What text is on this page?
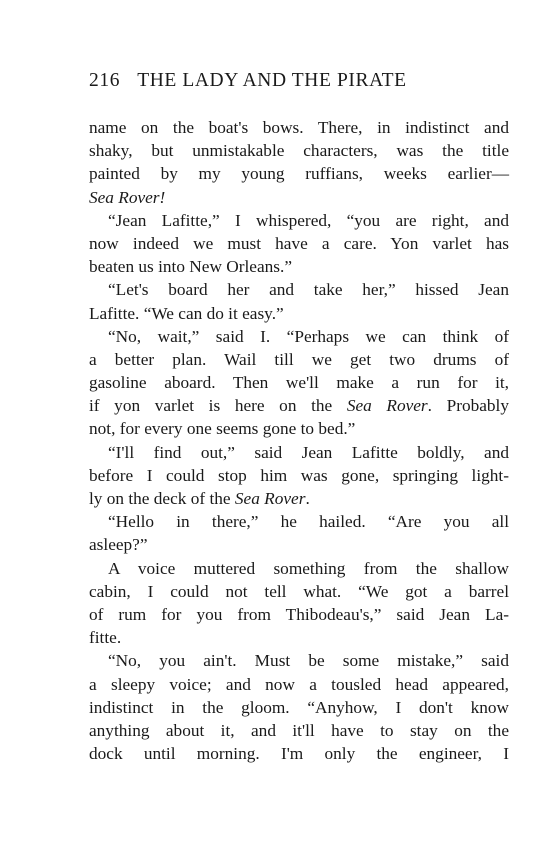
216 THE LADY AND THE PIRATE
name on the boat's bows. There, in indistinct and
shaky, but unmistakable characters, was the title
painted by my young ruffians, weeks earlier—
Sea Rover!
“Jean Lafitte,” I whispered, “you are right, and
now indeed we must have a care. Yon varlet has
beaten us into New Orleans.”
“Let's board her and take her,” hissed Jean
Lafitte. “We can do it easy.”
“No, wait,” said I. “Perhaps we can think of
a better plan. Wail till we get two drums of
gasoline aboard. Then we'll make a run for it,
if yon varlet is here on the Sea Rover. Probably
not, for every one seems gone to bed.”
“I'll find out,” said Jean Lafitte boldly, and
before I could stop him was gone, springing light-
ly on the deck of the Sea Rover.
“Hello in there,” he hailed. “Are you all
asleep?”
A voice muttered something from the shallow
cabin, I could not tell what. “We got a barrel
of rum for you from Thibodeau's,” said Jean La-
fitte.
“No, you ain't. Must be some mistake,” said
a sleepy voice; and now a tousled head appeared,
indistinct in the gloom. “Anyhow, I don't know
anything about it, and it'll have to stay on the
dock until morning. I'm only the engineer, I
